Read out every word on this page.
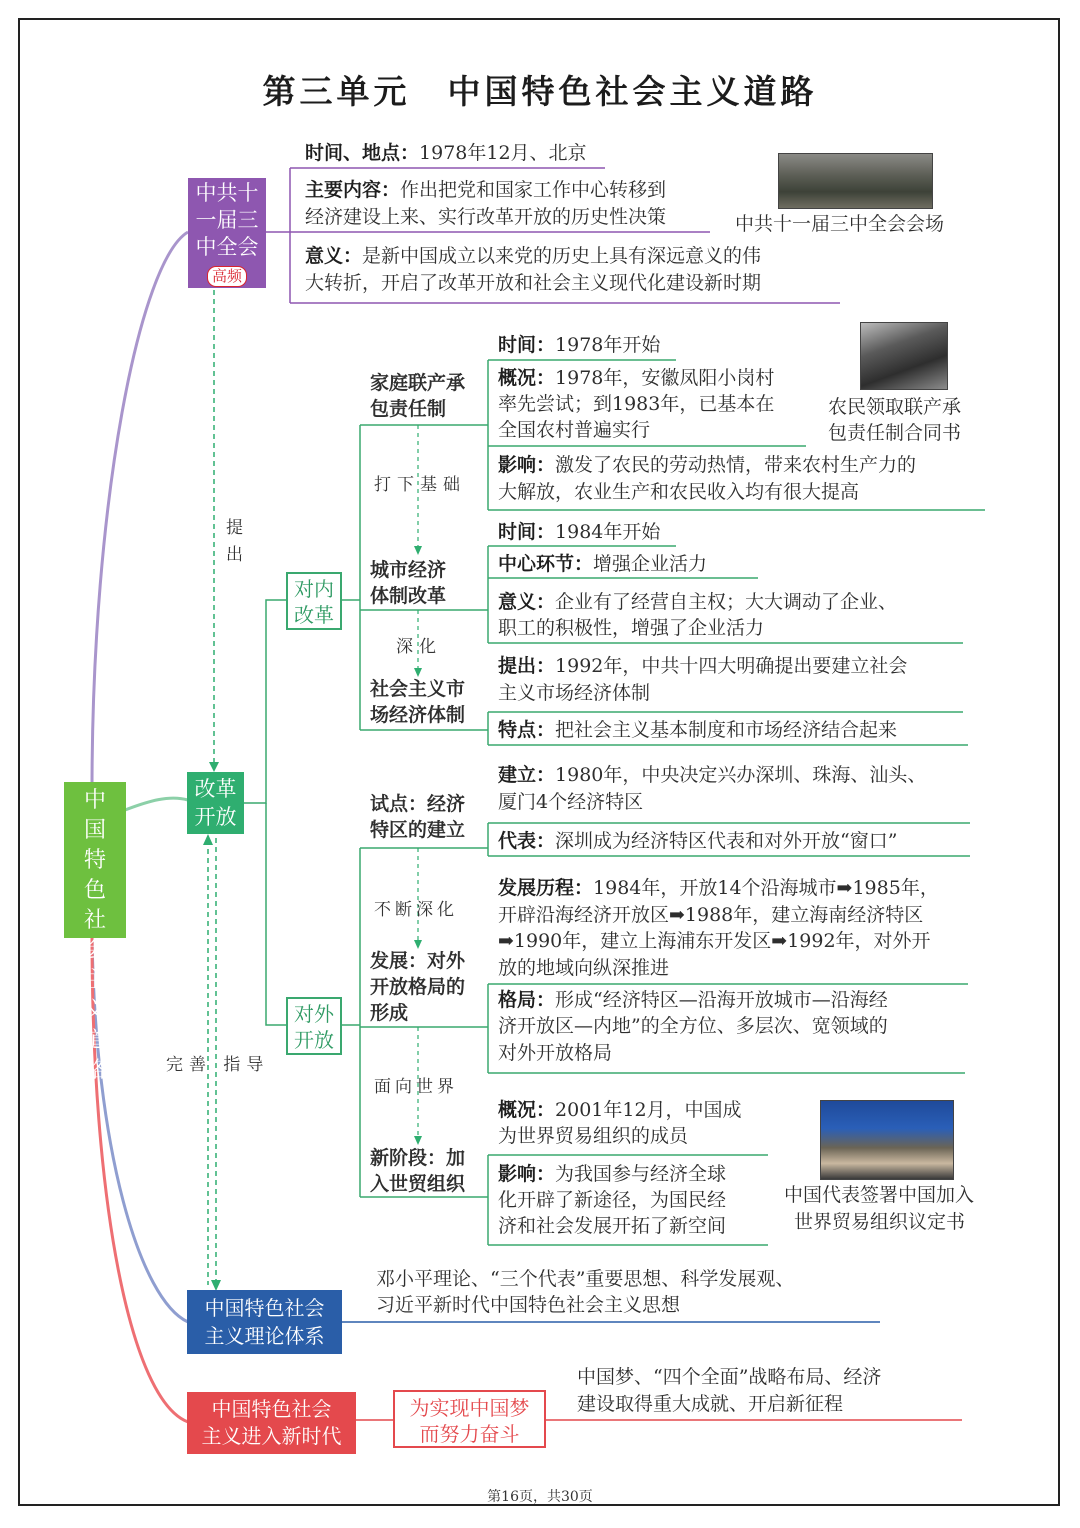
第三单元　中国特色社会主义道路
中国特色社会主义道路
中共十一届三中全会
高频
时间、地点：1978年12月、北京
主要内容：作出把党和国家工作中心转移到
经济建设上来、实行改革开放的历史性决策
意义：是新中国成立以来党的历史上具有深远意义的伟
大转折，开启了改革开放和社会主义现代化建设新时期
中共十一届三中全会会场
提出
改革开放
完善 指导
对内改革
家庭联产承
包责任制
时间：1978年开始
概况：1978年，安徽凤阳小岗村
率先尝试；到1983年，已基本在
全国农村普遍实行
影响：激发了农民的劳动热情，带来农村生产力的
大解放，农业生产和农民收入均有很大提高
农民领取联产承
包责任制合同书
打下基础
城市经济
体制改革
时间：1984年开始
中心环节：增强企业活力
意义：企业有了经营自主权；大大调动了企业、
职工的积极性，增强了企业活力
深化
社会主义市
场经济体制
提出：1992年，中共十四大明确提出要建立社会
主义市场经济体制
特点：把社会主义基本制度和市场经济结合起来
对外开放
试点：经济
特区的建立
建立：1980年，中央决定兴办深圳、珠海、汕头、
厦门4个经济特区
代表：深圳成为经济特区代表和对外开放“窗口”
不断深化
发展：对外
开放格局的
形成
发展历程：1984年，开放14个沿海城市➡1985年，
开辟沿海经济开放区➡1988年，建立海南经济特区
➡1990年，建立上海浦东开发区➡1992年，对外开
放的地域向纵深推进
格局：形成“经济特区—沿海开放城市—沿海经
济开放区—内地”的全方位、多层次、宽领域的
对外开放格局
面向世界
新阶段：加
入世贸组织
概况：2001年12月，中国成
为世界贸易组织的成员
影响：为我国参与经济全球
化开辟了新途径，为国民经
济和社会发展开拓了新空间
中国代表签署中国加入
世界贸易组织议定书
中国特色社会
主义理论体系
邓小平理论、“三个代表”重要思想、科学发展观、
习近平新时代中国特色社会主义思想
中国特色社会
主义进入新时代
为实现中国梦
而努力奋斗
中国梦、“四个全面”战略布局、经济
建设取得重大成就、开启新征程
第16页，共30页
